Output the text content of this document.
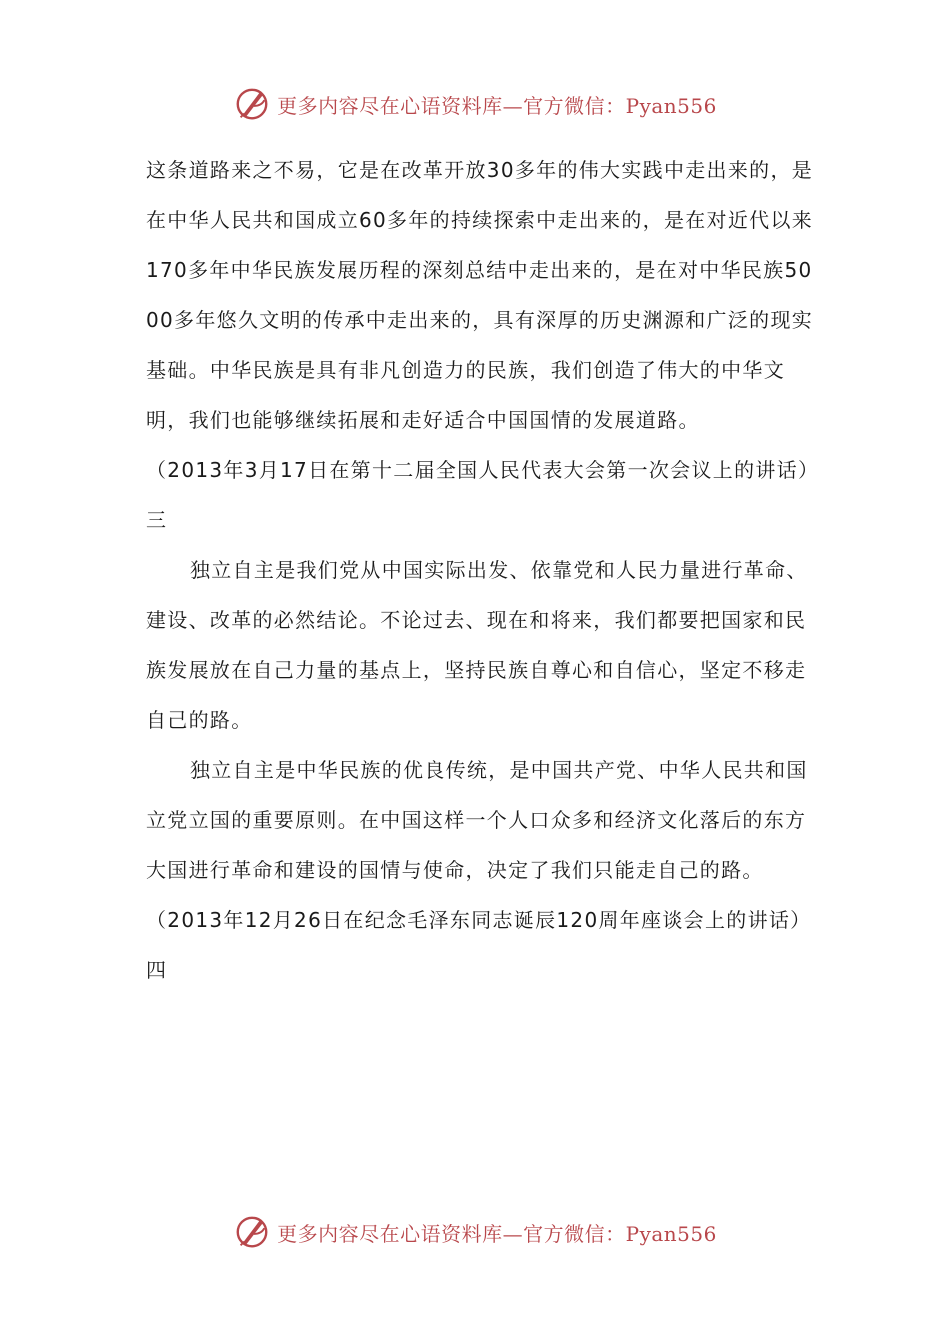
更多内容尽在心语资料库—官方微信：Pyan556

这条道路来之不易，它是在改革开放30多年的伟大实践中走出来的，是在中华人民共和国成立60多年的持续探索中走出来的，是在对近代以来170多年中华民族发展历程的深刻总结中走出来的，是在对中华民族5000多年悠久文明的传承中走出来的，具有深厚的历史渊源和广泛的现实基础。中华民族是具有非凡创造力的民族，我们创造了伟大的中华文明，我们也能够继续拓展和走好适合中国国情的发展道路。

（2013年3月17日在第十二届全国人民代表大会第一次会议上的讲话）

三

独立自主是我们党从中国实际出发、依靠党和人民力量进行革命、建设、改革的必然结论。不论过去、现在和将来，我们都要把国家和民族发展放在自己力量的基点上，坚持民族自尊心和自信心，坚定不移走自己的路。

独立自主是中华民族的优良传统，是中国共产党、中华人民共和国立党立国的重要原则。在中国这样一个人口众多和经济文化落后的东方大国进行革命和建设的国情与使命，决定了我们只能走自己的路。

（2013年12月26日在纪念毛泽东同志诞辰120周年座谈会上的讲话）

四

更多内容尽在心语资料库—官方微信：Pyan556
